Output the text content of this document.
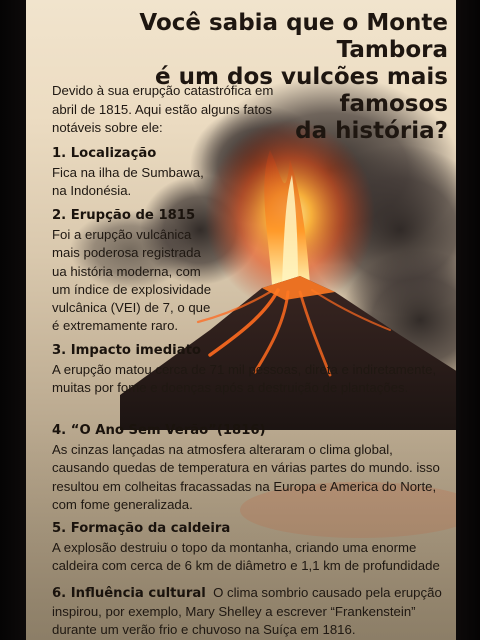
Você sabia que o Monte Tambora
é um dos vulcões mais famosos
da história?

Devido à sua erupção catastrófica em abril de 1815. Aqui estão alguns fatos notáveis sobre ele:

1. Localização

Fica na ilha de Sumbawa, na Indonésia.

2. Erupção de 1815

Foi a erupção vulcânica mais poderosa registrada ua história moderna, com um índice de explosividade vulcânica (VEI) de 7, o que é extremamente raro.

3. Impacto imediato

A erupção matou cerca de 71 mil pessoas, direta e indiretamente, muitas por fome e doenças após a destruição de plantações.

4. “O Ano Sem Verão”(1816)

As cinzas lançadas na atmosfera alteraram o clima global, causando quedas de temperatura en várias partes do mundo. isso resultou em colheitas fracassadas na Europa e America do Norte, com fome generalizada.

5. Formação da caldeira

A explosão destruiu o topo da montanha, criando uma enorme caldeira com cerca de 6 km de diâmetro e 1,1 km de profundidade

6. Influência cultural O clima sombrio causado pela erupção inspirou, por exemplo, Mary Shelley a escrever “Frankenstein” durante um verão frio e chuvoso na Suíça em 1816.
